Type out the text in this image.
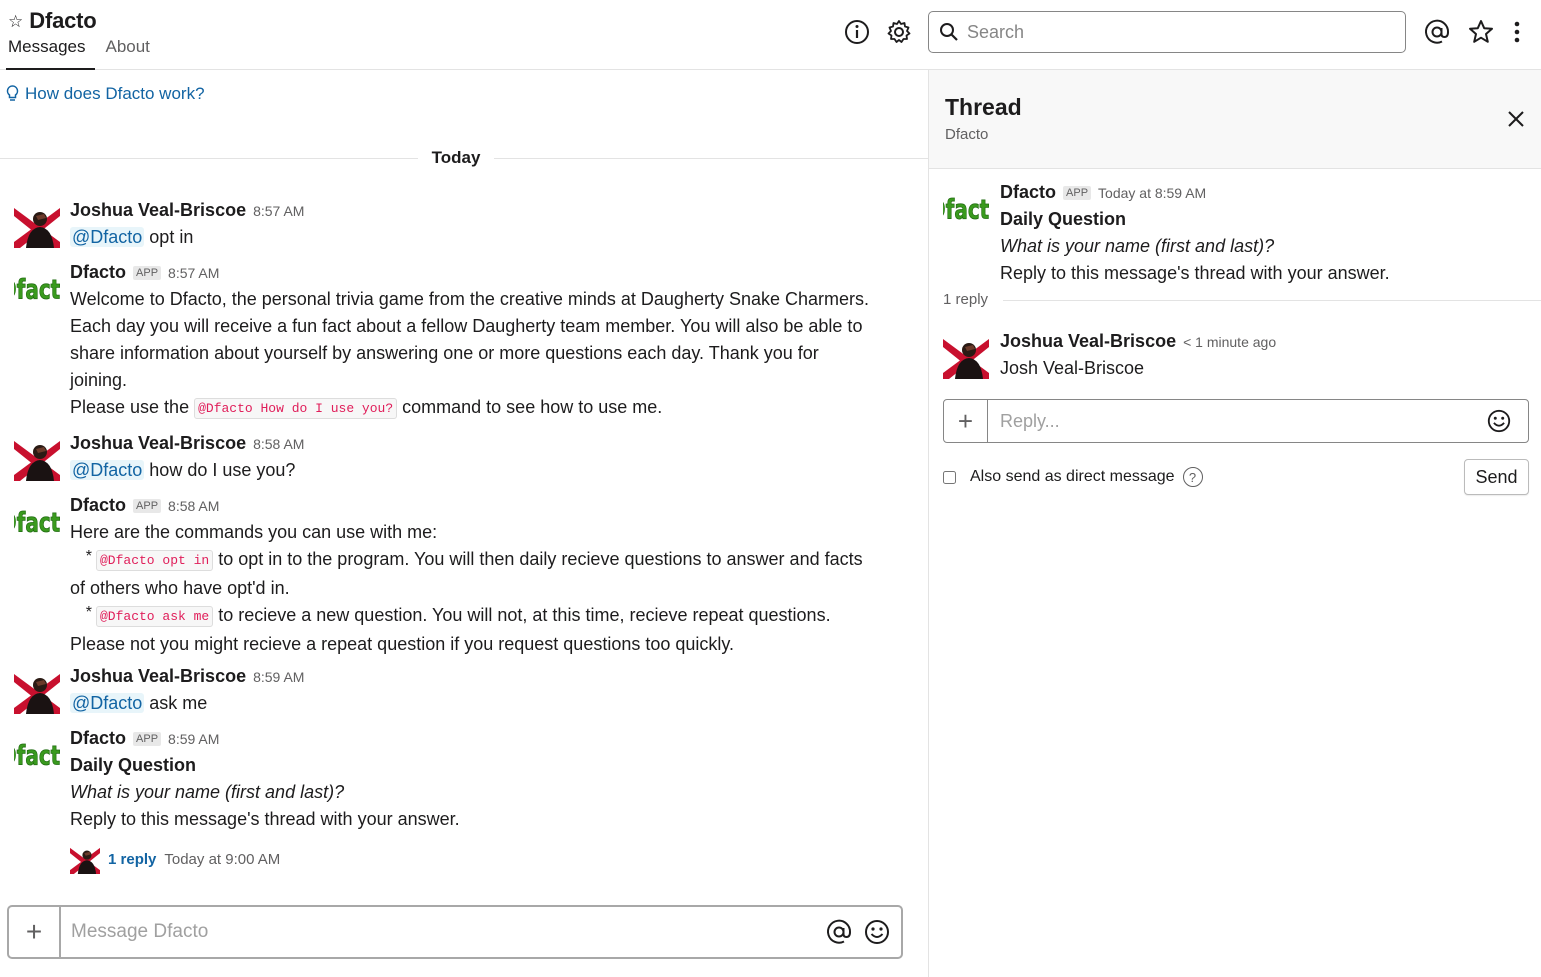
☆ Dfacto
Messages	About
Search
How does Dfacto work?
Today
Joshua Veal-Briscoe 8:57 AM
@Dfacto opt in
Dfacto APP 8:57 AM
Welcome to Dfacto, the personal trivia game from the creative minds at Daugherty Snake Charmers.
Each day you will receive a fun fact about a fellow Daugherty team member. You will also be able to
share information about yourself by answering one or more questions each day. Thank you for
joining.
Please use the @Dfacto How do I use you? command to see how to use me.
Joshua Veal-Briscoe 8:58 AM
@Dfacto how do I use you?
Dfacto APP 8:58 AM
Here are the commands you can use with me:
* @Dfacto opt in to opt in to the program. You will then daily recieve questions to answer and facts
of others who have opt'd in.
* @Dfacto ask me to recieve a new question. You will not, at this time, recieve repeat questions.
Please not you might recieve a repeat question if you request questions too quickly.
Joshua Veal-Briscoe 8:59 AM
@Dfacto ask me
Dfacto APP 8:59 AM
Daily Question
What is your name (first and last)?
Reply to this message's thread with your answer.
1 reply Today at 9:00 AM
+
Message Dfacto
Thread
Dfacto
Dfacto APP Today at 8:59 AM
Daily Question
What is your name (first and last)?
Reply to this message's thread with your answer.
1 reply
Joshua Veal-Briscoe < 1 minute ago
Josh Veal-Briscoe
+
Reply...
Also send as direct message	?	Send
